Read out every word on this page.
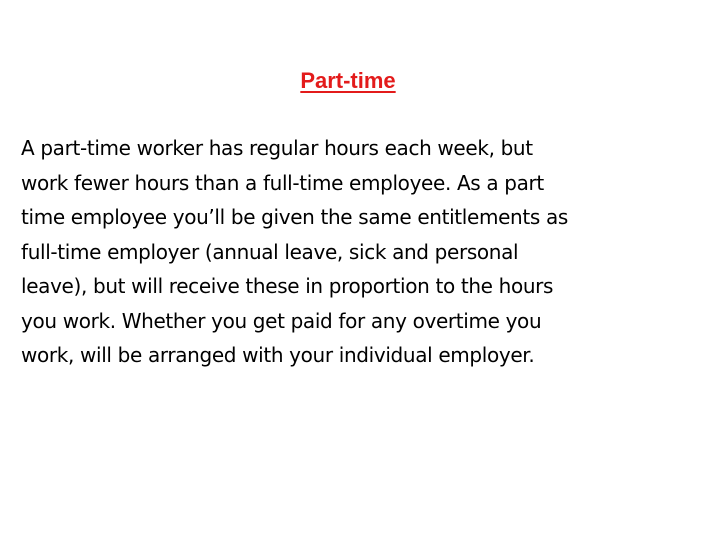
Part-time

A part-time worker has regular hours each week, but
work fewer hours than a full-time employee. As a part
time employee you’ll be given the same entitlements as
full-time employer (annual leave, sick and personal
leave), but will receive these in proportion to the hours
you work. Whether you get paid for any overtime you
work, will be arranged with your individual employer.
